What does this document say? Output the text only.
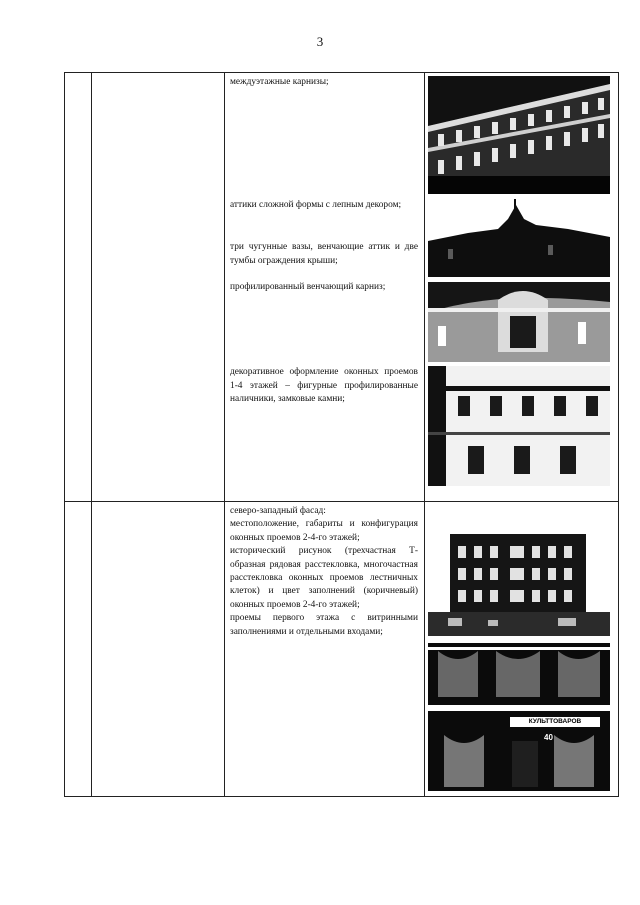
3

междуэтажные карнизы;

аттики сложной формы с лепным декором;

три чугунные вазы, венчающие аттик и две тумбы ограждения крыши;

профилированный венчающий карниз;

декоративное оформление оконных проемов 1-4 этажей – фигурные профилированные наличники, замковые камни;

северо-западный фасад:

местоположение, габариты и конфигурация оконных проемов 2-4-го этажей;

исторический рисунок (трехчастная Т-образная рядовая расстекловка, многочастная расстекловка оконных проемов лестничных клеток) и цвет заполнений (коричневый) оконных проемов 2-4-го этажей;

проемы первого этажа с витринными заполнениями и отдельными входами;

КУЛЬТТОВАРОВ
40
